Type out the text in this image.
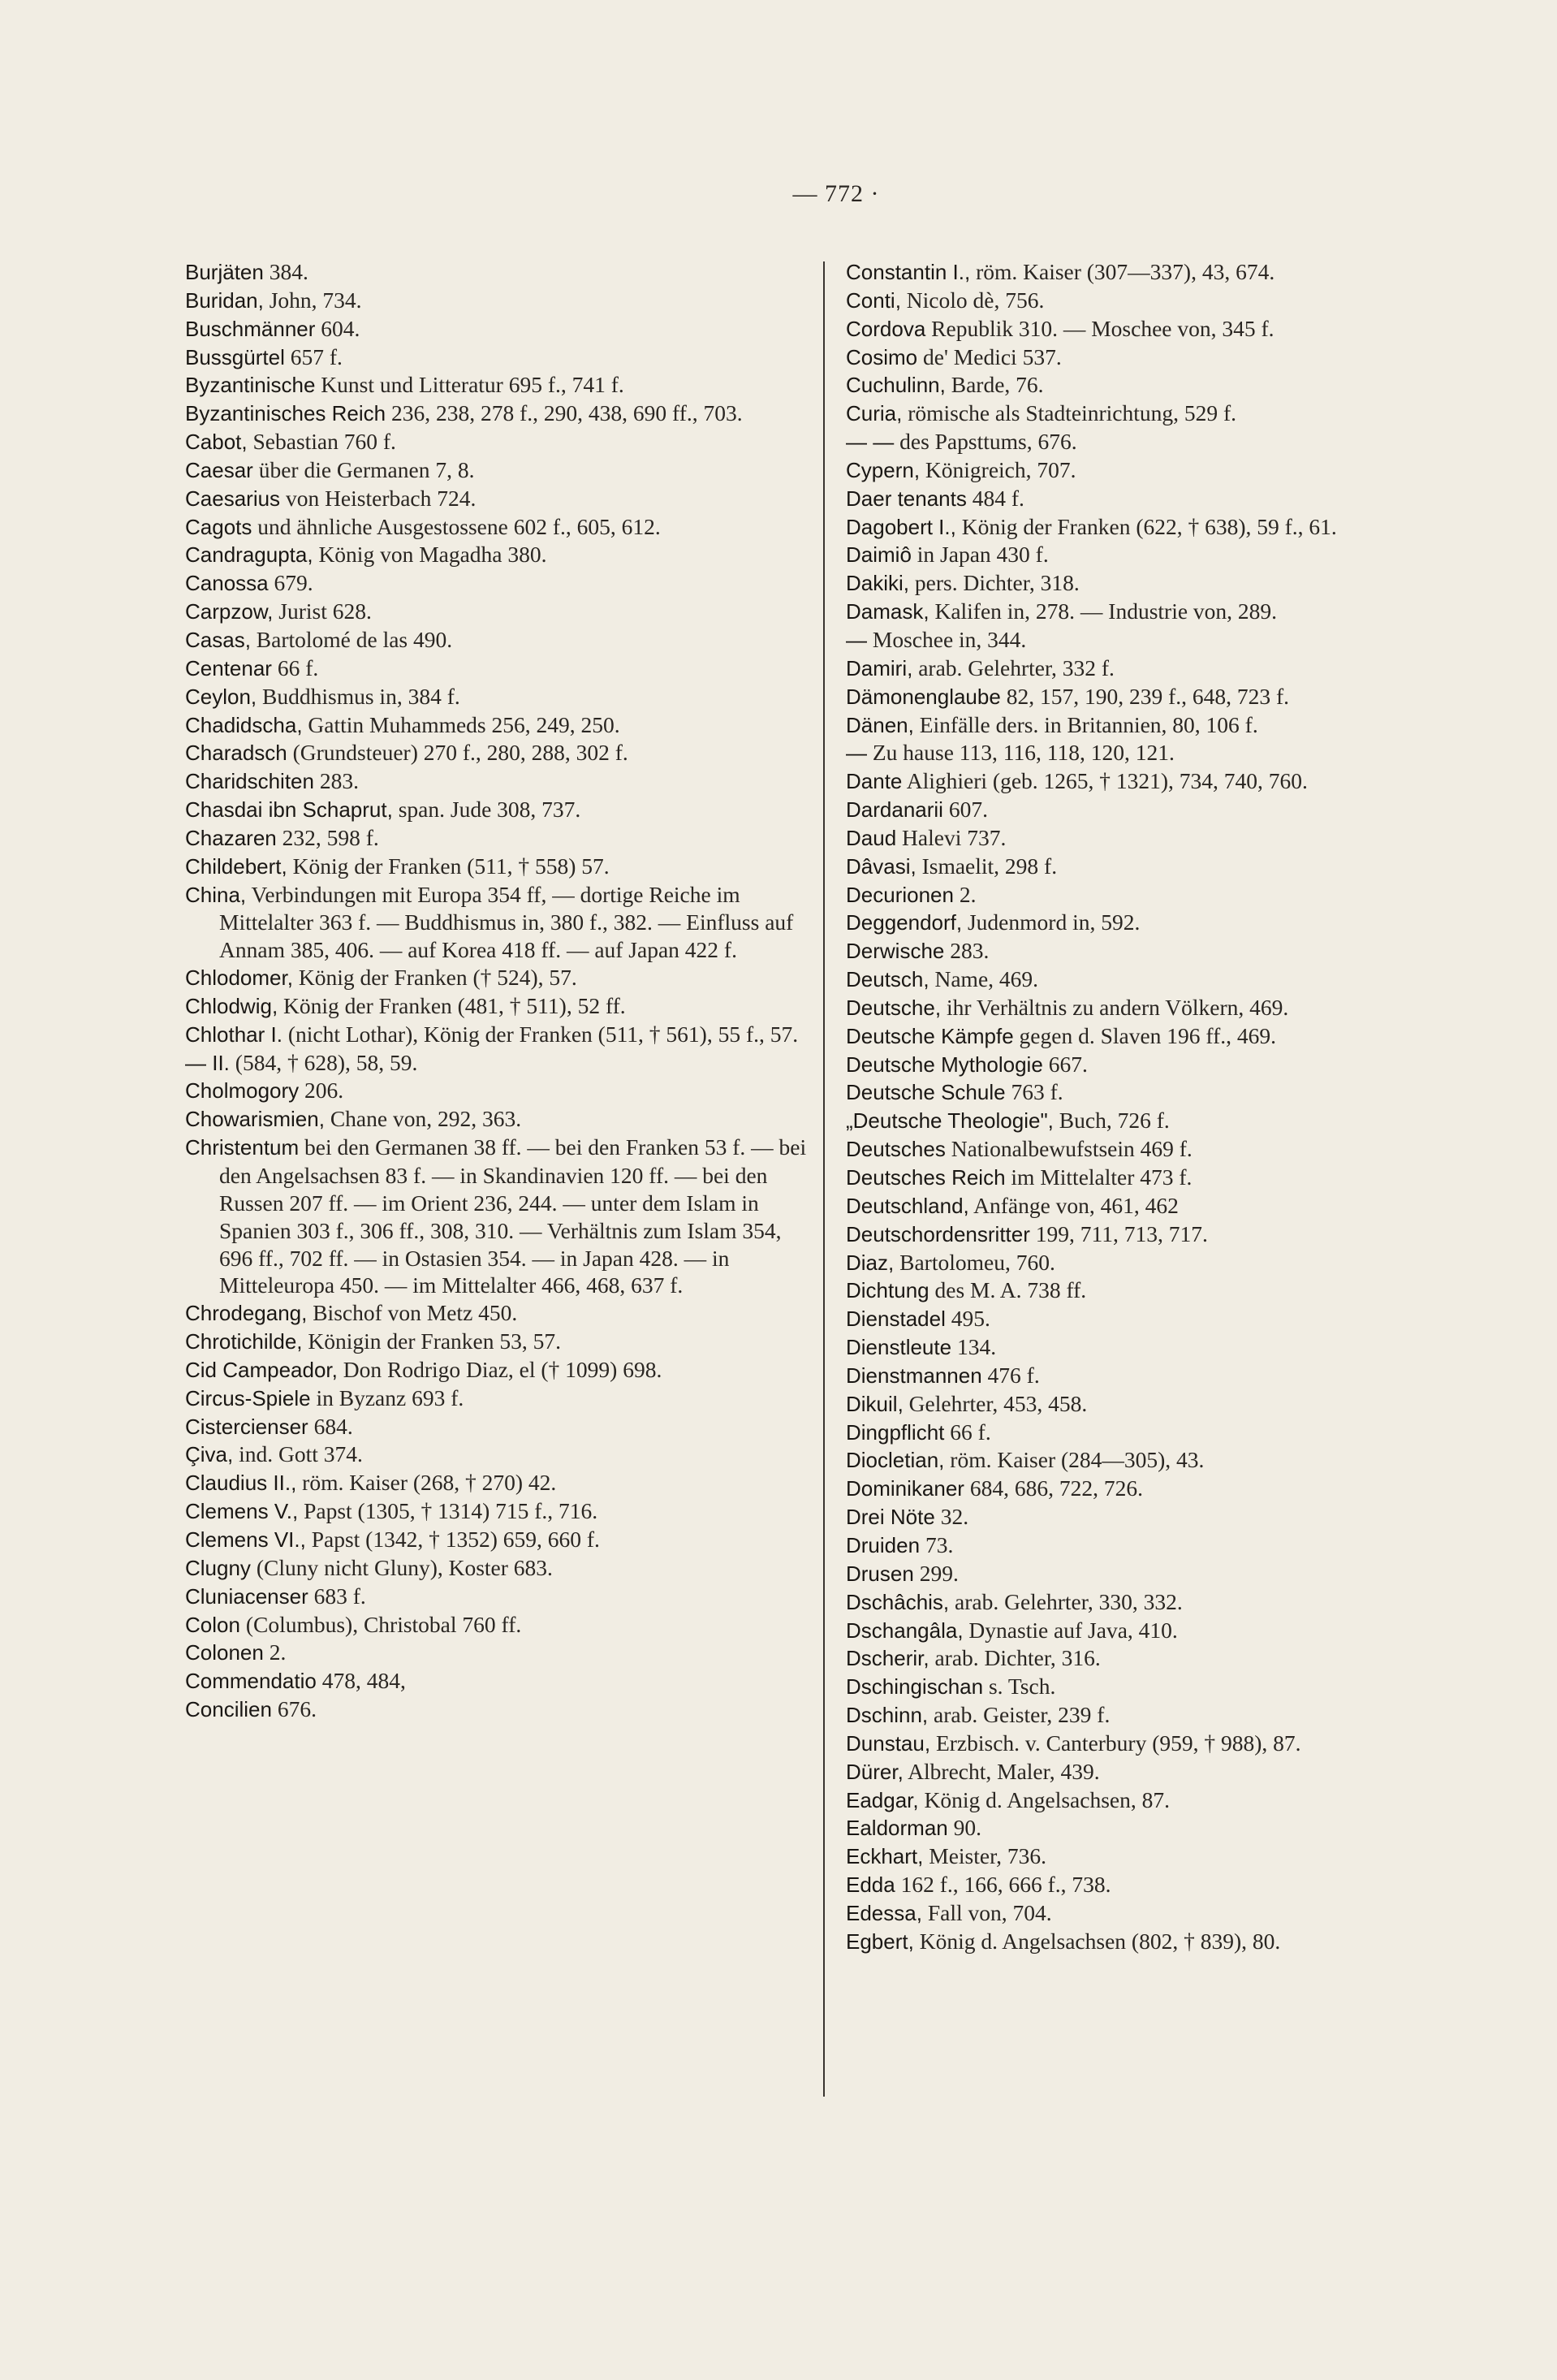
— 772 ·
Burjäten 384.
Buridan, John, 734.
Buschmänner 604.
Bussgürtel 657 f.
Byzantinische Kunst und Litteratur 695 f., 741 f.
Byzantinisches Reich 236, 238, 278 f., 290, 438, 690 ff., 703.
Cabot, Sebastian 760 f.
Caesar über die Germanen 7, 8.
Caesarius von Heisterbach 724.
Cagots und ähnliche Ausgestossene 602 f., 605, 612.
Candragupta, König von Magadha 380.
Canossa 679.
Carpzow, Jurist 628.
Casas, Bartolomé de las 490.
Centenar 66 f.
Ceylon, Buddhismus in, 384 f.
Chadidscha, Gattin Muhammeds 256, 249, 250.
Charadsch (Grundsteuer) 270 f., 280, 288, 302 f.
Charidschiten 283.
Chasdai ibn Schaprut, span. Jude 308, 737.
Chazaren 232, 598 f.
Childebert, König der Franken (511, † 558) 57.
China, Verbindungen mit Europa 354 ff, — dortige Reiche im Mittelalter 363 f. — Buddhismus in, 380 f., 382. — Einfluss auf Annam 385, 406. — auf Korea 418 ff. — auf Japan 422 f.
Chlodomer, König der Franken († 524), 57.
Chlodwig, König der Franken (481, † 511), 52 ff.
Chlothar I. (nicht Lothar), König der Franken (511, † 561), 55 f., 57.
— II. (584, † 628), 58, 59.
Cholmogory 206.
Chowarismien, Chane von, 292, 363.
Christentum bei den Germanen 38 ff. — bei den Franken 53 f. — bei den Angelsachsen 83 f. — in Skandinavien 120 ff. — bei den Russen 207 ff. — im Orient 236, 244. — unter dem Islam in Spanien 303 f., 306 ff., 308, 310. — Verhältnis zum Islam 354, 696 ff., 702 ff. — in Ostasien 354. — in Japan 428. — in Mitteleuropa 450. — im Mittelalter 466, 468, 637 f.
Chrodegang, Bischof von Metz 450.
Chrotichilde, Königin der Franken 53, 57.
Cid Campeador, Don Rodrigo Diaz, el († 1099) 698.
Circus-Spiele in Byzanz 693 f.
Cistercienser 684.
Çiva, ind. Gott 374.
Claudius II., röm. Kaiser (268, † 270) 42.
Clemens V., Papst (1305, † 1314) 715 f., 716.
Clemens VI., Papst (1342, † 1352) 659, 660 f.
Clugny (Cluny nicht Gluny), Koster 683.
Cluniacenser 683 f.
Colon (Columbus), Christobal 760 ff.
Colonen 2.
Commendatio 478, 484,
Concilien 676.
Constantin I., röm. Kaiser (307—337), 43, 674.
Conti, Nicolo dè, 756.
Cordova Republik 310. — Moschee von, 345 f.
Cosimo de' Medici 537.
Cuchulinn, Barde, 76.
Curia, römische als Stadteinrichtung, 529 f.
— — des Papsttums, 676.
Cypern, Königreich, 707.
Daer tenants 484 f.
Dagobert I., König der Franken (622, † 638), 59 f., 61.
Daimiô in Japan 430 f.
Dakiki, pers. Dichter, 318.
Damask, Kalifen in, 278. — Industrie von, 289.
— Moschee in, 344.
Damiri, arab. Gelehrter, 332 f.
Dämonenglaube 82, 157, 190, 239 f., 648, 723 f.
Dänen, Einfälle ders. in Britannien, 80, 106 f.
— Zu hause 113, 116, 118, 120, 121.
Dante Alighieri (geb. 1265, † 1321), 734, 740, 760.
Dardanarii 607.
Daud Halevi 737.
Dâvasi, Ismaelit, 298 f.
Decurionen 2.
Deggendorf, Judenmord in, 592.
Derwische 283.
Deutsch, Name, 469.
Deutsche, ihr Verhältnis zu andern Völkern, 469.
Deutsche Kämpfe gegen d. Slaven 196 ff., 469.
Deutsche Mythologie 667.
Deutsche Schule 763 f.
„Deutsche Theologie", Buch, 726 f.
Deutsches Nationalbewufstsein 469 f.
Deutsches Reich im Mittelalter 473 f.
Deutschland, Anfänge von, 461, 462
Deutschordensritter 199, 711, 713, 717.
Diaz, Bartolomeu, 760.
Dichtung des M. A. 738 ff.
Dienstadel 495.
Dienstleute 134.
Dienstmannen 476 f.
Dikuil, Gelehrter, 453, 458.
Dingpflicht 66 f.
Diocletian, röm. Kaiser (284—305), 43.
Dominikaner 684, 686, 722, 726.
Drei Nöte 32.
Druiden 73.
Drusen 299.
Dschâchis, arab. Gelehrter, 330, 332.
Dschangâla, Dynastie auf Java, 410.
Dscherir, arab. Dichter, 316.
Dschingischan s. Tsch.
Dschinn, arab. Geister, 239 f.
Dunstau, Erzbisch. v. Canterbury (959, † 988), 87.
Dürer, Albrecht, Maler, 439.
Eadgar, König d. Angelsachsen, 87.
Ealdorman 90.
Eckhart, Meister, 736.
Edda 162 f., 166, 666 f., 738.
Edessa, Fall von, 704.
Egbert, König d. Angelsachsen (802, † 839), 80.
